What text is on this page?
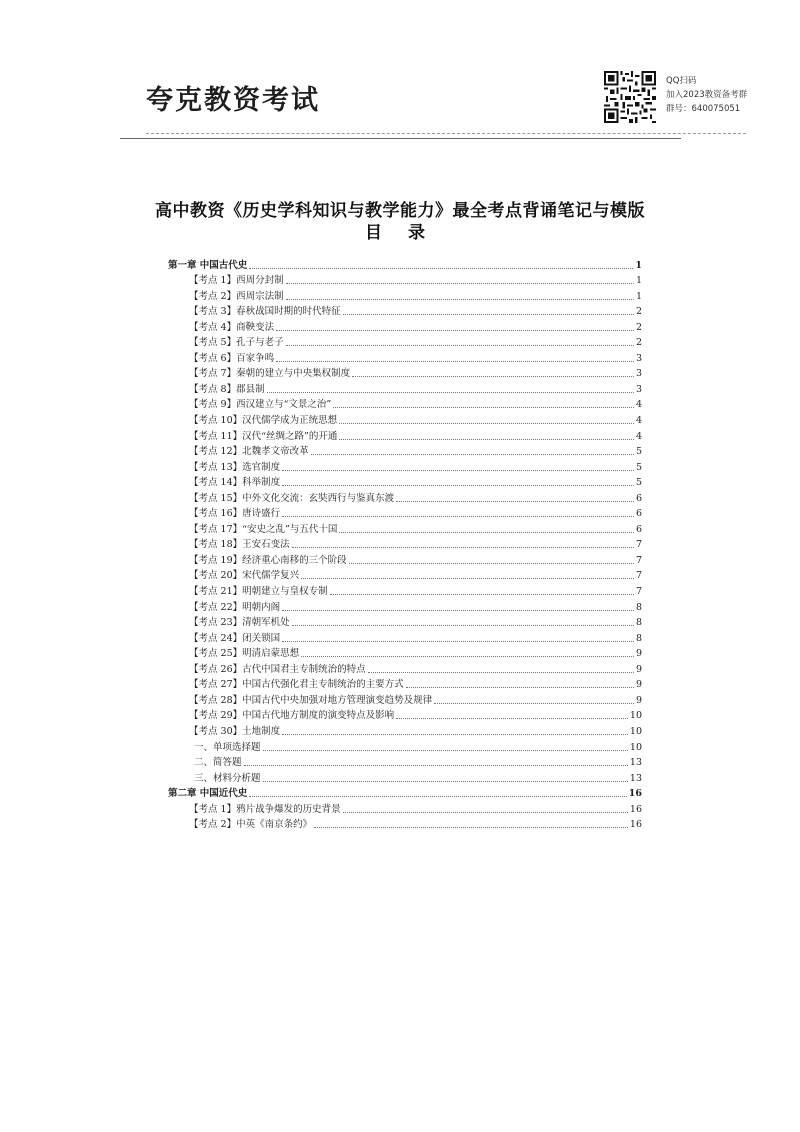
夸克教资考试
QQ扫码
加入2023教资备考群
群号：640075051
高中教资《历史学科知识与教学能力》最全考点背诵笔记与模版
目 录
第一章 中国古代史	1
【考点 1】西周分封制	1
【考点 2】西周宗法制	1
【考点 3】春秋战国时期的时代特征	2
【考点 4】商鞅变法	2
【考点 5】孔子与老子	2
【考点 6】百家争鸣	3
【考点 7】秦朝的建立与中央集权制度	3
【考点 8】郡县制	3
【考点 9】西汉建立与“文景之治”	4
【考点 10】汉代儒学成为正统思想	4
【考点 11】汉代“丝绸之路”的开通	4
【考点 12】北魏孝文帝改革	5
【考点 13】选官制度	5
【考点 14】科举制度	5
【考点 15】中外文化交流：玄奘西行与鉴真东渡	6
【考点 16】唐诗盛行	6
【考点 17】“安史之乱”与五代十国	6
【考点 18】王安石变法	7
【考点 19】经济重心南移的三个阶段	7
【考点 20】宋代儒学复兴	7
【考点 21】明朝建立与皇权专制	7
【考点 22】明朝内阁	8
【考点 23】清朝军机处	8
【考点 24】闭关锁国	8
【考点 25】明清启蒙思想	9
【考点 26】古代中国君主专制统治的特点	9
【考点 27】中国古代强化君主专制统治的主要方式	9
【考点 28】中国古代中央加强对地方管理演变趋势及规律	9
【考点 29】中国古代地方制度的演变特点及影响	10
【考点 30】土地制度	10
一、单项选择题	10
二、简答题	13
三、材料分析题	13
第二章 中国近代史	16
【考点 1】鸦片战争爆发的历史背景	16
【考点 2】中英《南京条约》	16
